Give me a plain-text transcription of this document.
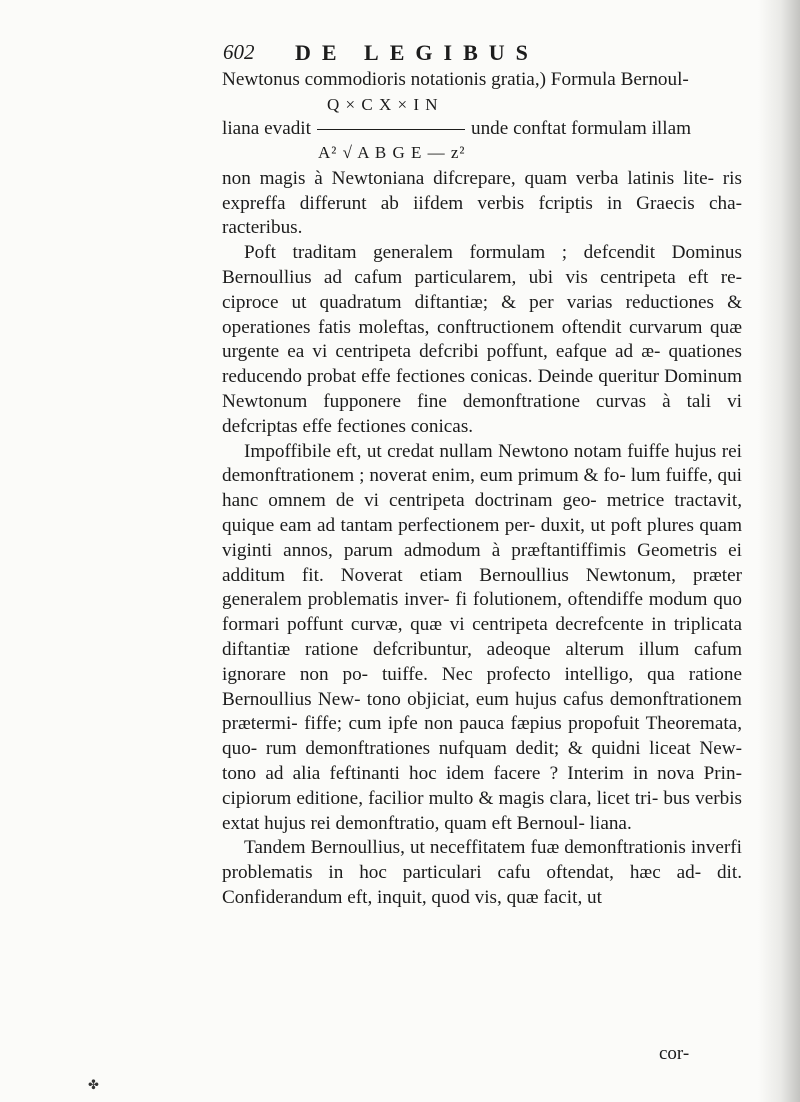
602 DE LEGIBUS

Newtonus commodioris notationis gratia,) Formula Bernoul-

Q × C X × I N
liana evadit	unde conftat formulam illam
A² √ A B G E — z²

non magis à Newtoniana difcrepare, quam verba latinis lite- ris expreffa differunt ab iifdem verbis fcriptis in Graecis cha- racteribus.

Poft traditam generalem formulam ; defcendit Dominus Bernoullius ad cafum particularem, ubi vis centripeta eft re- ciproce ut quadratum diftantiæ; & per varias reductiones & operationes fatis moleftas, conftructionem oftendit curvarum quæ urgente ea vi centripeta defcribi poffunt, eafque ad æ- quationes reducendo probat effe fectiones conicas. Deinde queritur Dominum Newtonum fupponere fine demonftratione curvas à tali vi defcriptas effe fectiones conicas.

Impoffibile eft, ut credat nullam Newtono notam fuiffe hujus rei demonftrationem ; noverat enim, eum primum & fo- lum fuiffe, qui hanc omnem de vi centripeta doctrinam geo- metrice tractavit, quique eam ad tantam perfectionem per- duxit, ut poft plures quam viginti annos, parum admodum à præftantiffimis Geometris ei additum fit. Noverat etiam Bernoullius Newtonum, præter generalem problematis inver- fi folutionem, oftendiffe modum quo formari poffunt curvæ, quæ vi centripeta decrefcente in triplicata diftantiæ ratione defcribuntur, adeoque alterum illum cafum ignorare non po- tuiffe. Nec profecto intelligo, qua ratione Bernoullius New- tono objiciat, eum hujus cafus demonftrationem prætermi- fiffe; cum ipfe non pauca fæpius propofuit Theoremata, quo- rum demonftrationes nufquam dedit; & quidni liceat New- tono ad alia feftinanti hoc idem facere ? Interim in nova Prin- cipiorum editione, facilior multo & magis clara, licet tri- bus verbis extat hujus rei demonftratio, quam eft Bernoul- liana.

Tandem Bernoullius, ut neceffitatem fuæ demonftrationis inverfi problematis in hoc particulari cafu oftendat, hæc ad- dit. Confiderandum eft, inquit, quod vis, quæ facit, ut

cor-
✤
